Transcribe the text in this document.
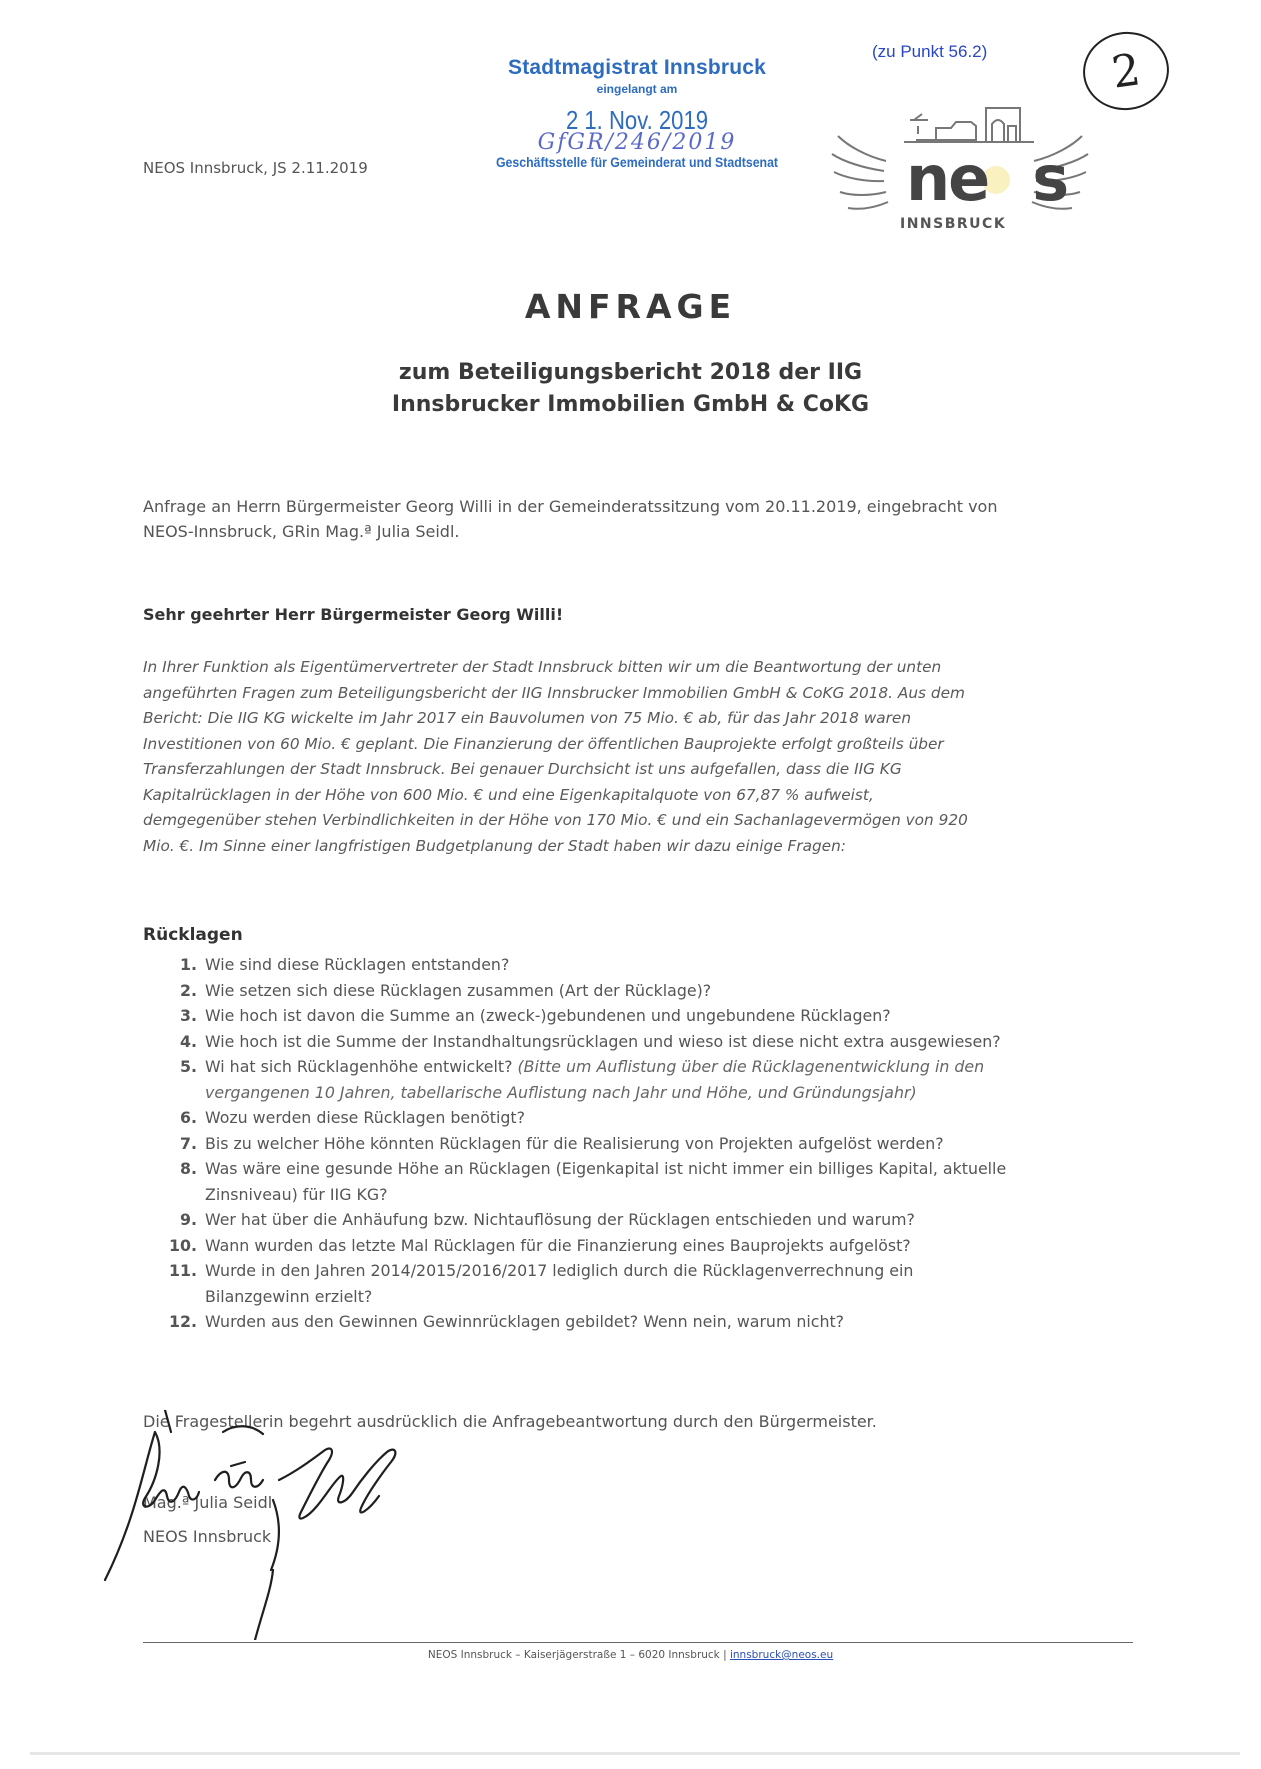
NEOS Innsbruck, JS 2.11.2019
(zu Punkt 56.2)	2
Stadtmagistrat Innsbruck
eingelangt am
2 1. Nov. 2019
GfGR/246/2019
Geschäftsstelle für Gemeinderat und Stadtsenat	ne s
INNSBRUCK
ANFRAGE
zum Beteiligungsbericht 2018 der IIG
Innsbrucker Immobilien GmbH & CoKG
Anfrage an Herrn Bürgermeister Georg Willi in der Gemeinderatssitzung vom 20.11.2019, eingebracht von
NEOS-Innsbruck, GRin Mag.ª Julia Seidl.
Sehr geehrter Herr Bürgermeister Georg Willi!
In Ihrer Funktion als Eigentümervertreter der Stadt Innsbruck bitten wir um die Beantwortung der unten
angeführten Fragen zum Beteiligungsbericht der IIG Innsbrucker Immobilien GmbH & CoKG 2018. Aus dem
Bericht: Die IIG KG wickelte im Jahr 2017 ein Bauvolumen von 75 Mio. € ab, für das Jahr 2018 waren
Investitionen von 60 Mio. € geplant. Die Finanzierung der öffentlichen Bauprojekte erfolgt großteils über
Transferzahlungen der Stadt Innsbruck. Bei genauer Durchsicht ist uns aufgefallen, dass die IIG KG
Kapitalrücklagen in der Höhe von 600 Mio. € und eine Eigenkapitalquote von 67,87 % aufweist,
demgegenüber stehen Verbindlichkeiten in der Höhe von 170 Mio. € und ein Sachanlagevermögen von 920
Mio. €. Im Sinne einer langfristigen Budgetplanung der Stadt haben wir dazu einige Fragen:
Rücklagen
1. Wie sind diese Rücklagen entstanden?
2. Wie setzen sich diese Rücklagen zusammen (Art der Rücklage)?
3. Wie hoch ist davon die Summe an (zweck-)gebundenen und ungebundene Rücklagen?
4. Wie hoch ist die Summe der Instandhaltungsrücklagen und wieso ist diese nicht extra ausgewiesen?
5. Wi hat sich Rücklagenhöhe entwickelt? (Bitte um Auflistung über die Rücklagenentwicklung in den
vergangenen 10 Jahren, tabellarische Auflistung nach Jahr und Höhe, und Gründungsjahr)
6. Wozu werden diese Rücklagen benötigt?
7. Bis zu welcher Höhe könnten Rücklagen für die Realisierung von Projekten aufgelöst werden?
8. Was wäre eine gesunde Höhe an Rücklagen (Eigenkapital ist nicht immer ein billiges Kapital, aktuelle
Zinsniveau) für IIG KG?
9. Wer hat über die Anhäufung bzw. Nichtauflösung der Rücklagen entschieden und warum?
10. Wann wurden das letzte Mal Rücklagen für die Finanzierung eines Bauprojekts aufgelöst?
11. Wurde in den Jahren 2014/2015/2016/2017 lediglich durch die Rücklagenverrechnung ein
Bilanzgewinn erzielt?
12. Wurden aus den Gewinnen Gewinnrücklagen gebildet? Wenn nein, warum nicht?
Die Fragestellerin begehrt ausdrücklich die Anfragebeantwortung durch den Bürgermeister.
Mag.ª Julia Seidl
NEOS Innsbruck
NEOS Innsbruck – Kaiserjägerstraße 1 – 6020 Innsbruck | innsbruck@neos.eu
